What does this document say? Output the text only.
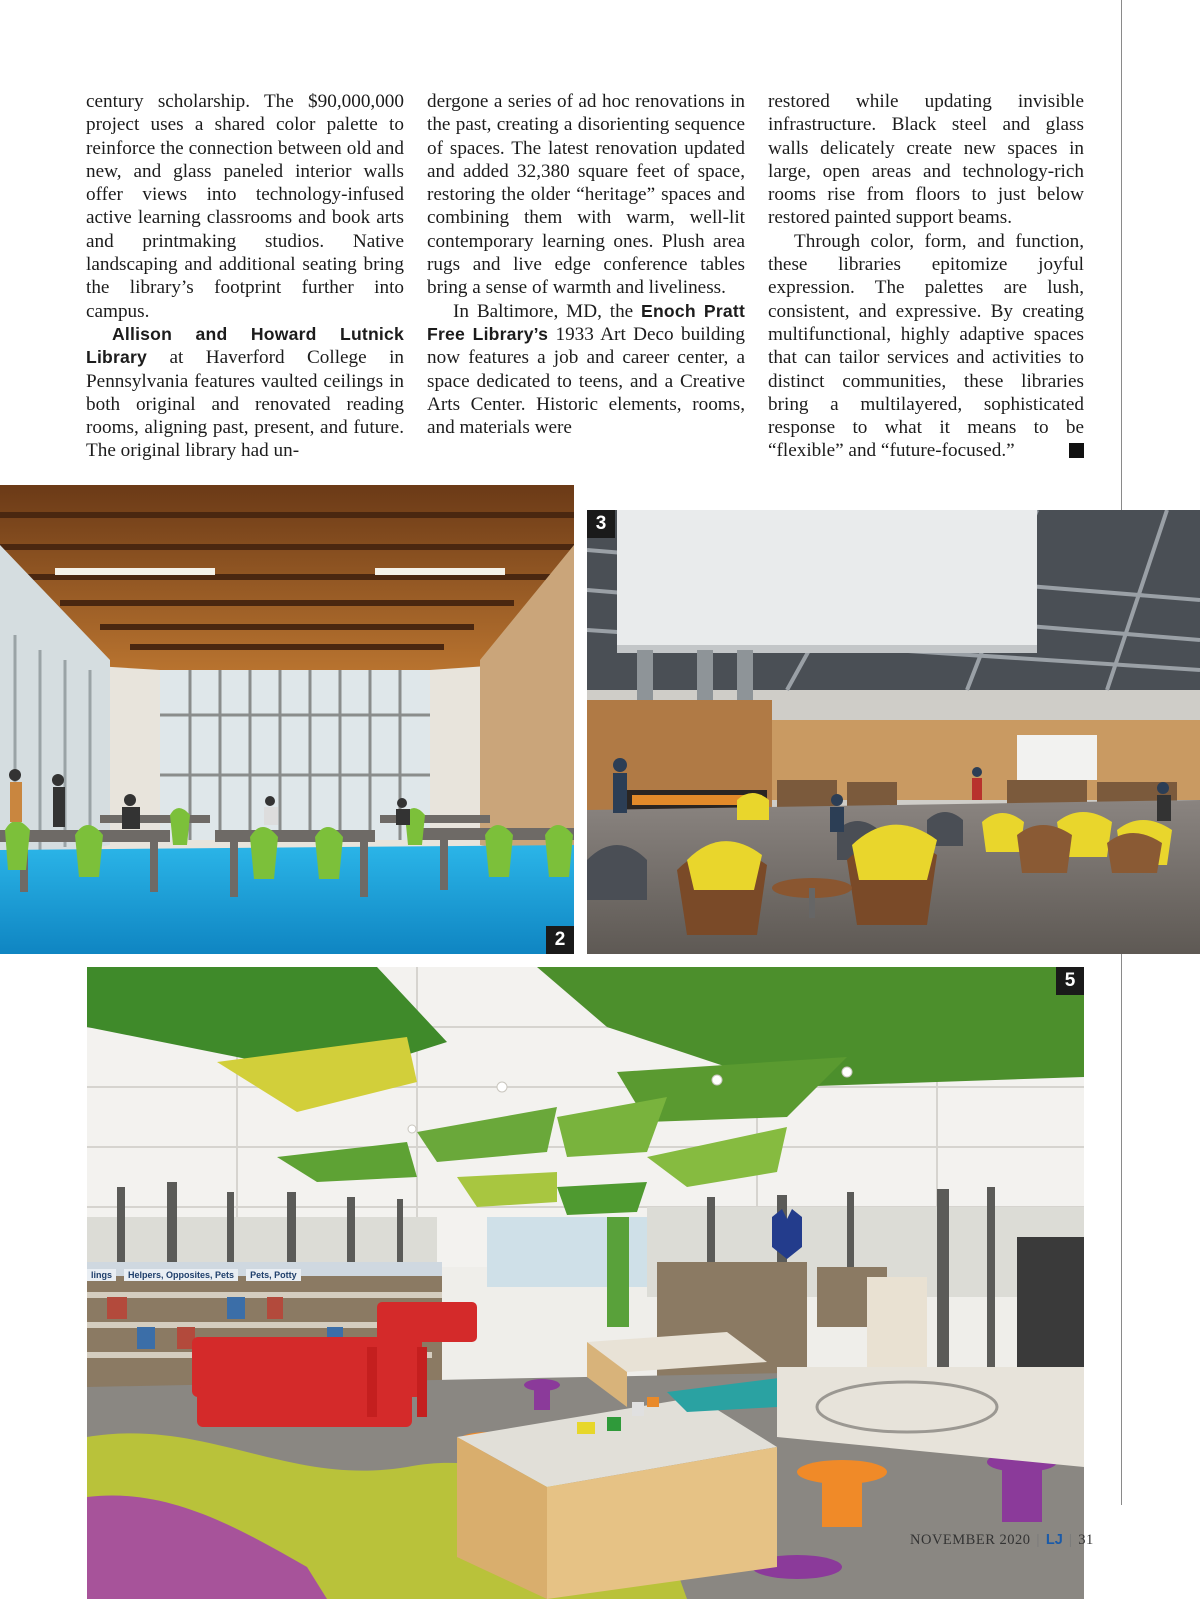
century scholarship. The $90,000,000 project uses a shared color palette to reinforce the connection between old and new, and glass paneled interior walls offer views into technology-infused active learning classrooms and book arts and printmaking studios. Native landscaping and additional seating bring the library’s footprint further into campus.

Allison and Howard Lutnick Library at Haverford College in Pennsylvania features vaulted ceilings in both original and renovated reading rooms, aligning past, present, and future. The original library had un-

dergone a series of ad hoc renovations in the past, creating a disorienting sequence of spaces. The latest renovation updated and added 32,380 square feet of space, restoring the older “heritage” spaces and combining them with warm, well-lit contemporary learning ones. Plush area rugs and live edge conference tables bring a sense of warmth and liveliness.

In Baltimore, MD, the Enoch Pratt Free Library’s 1933 Art Deco building now features a job and career center, a space dedicated to teens, and a Creative Arts Center. Historic elements, rooms, and materials were

restored while updating invisible infrastructure. Black steel and glass walls delicately create new spaces in large, open areas and technology-rich rooms rise from floors to just below restored painted support beams.

Through color, form, and function, these libraries epitomize joyful expression. The palettes are lush, consistent, and expressive. By creating multifunctional, highly adaptive spaces that can tailor services and activities to distinct communities, these libraries bring a multilayered, sophisticated response to what it means to be “flexible” and “future-focused.”

2
3
lings	Helpers, Opposites, Pets	Pets, Potty
5
NOVEMBER 2020 | LJ | 31
